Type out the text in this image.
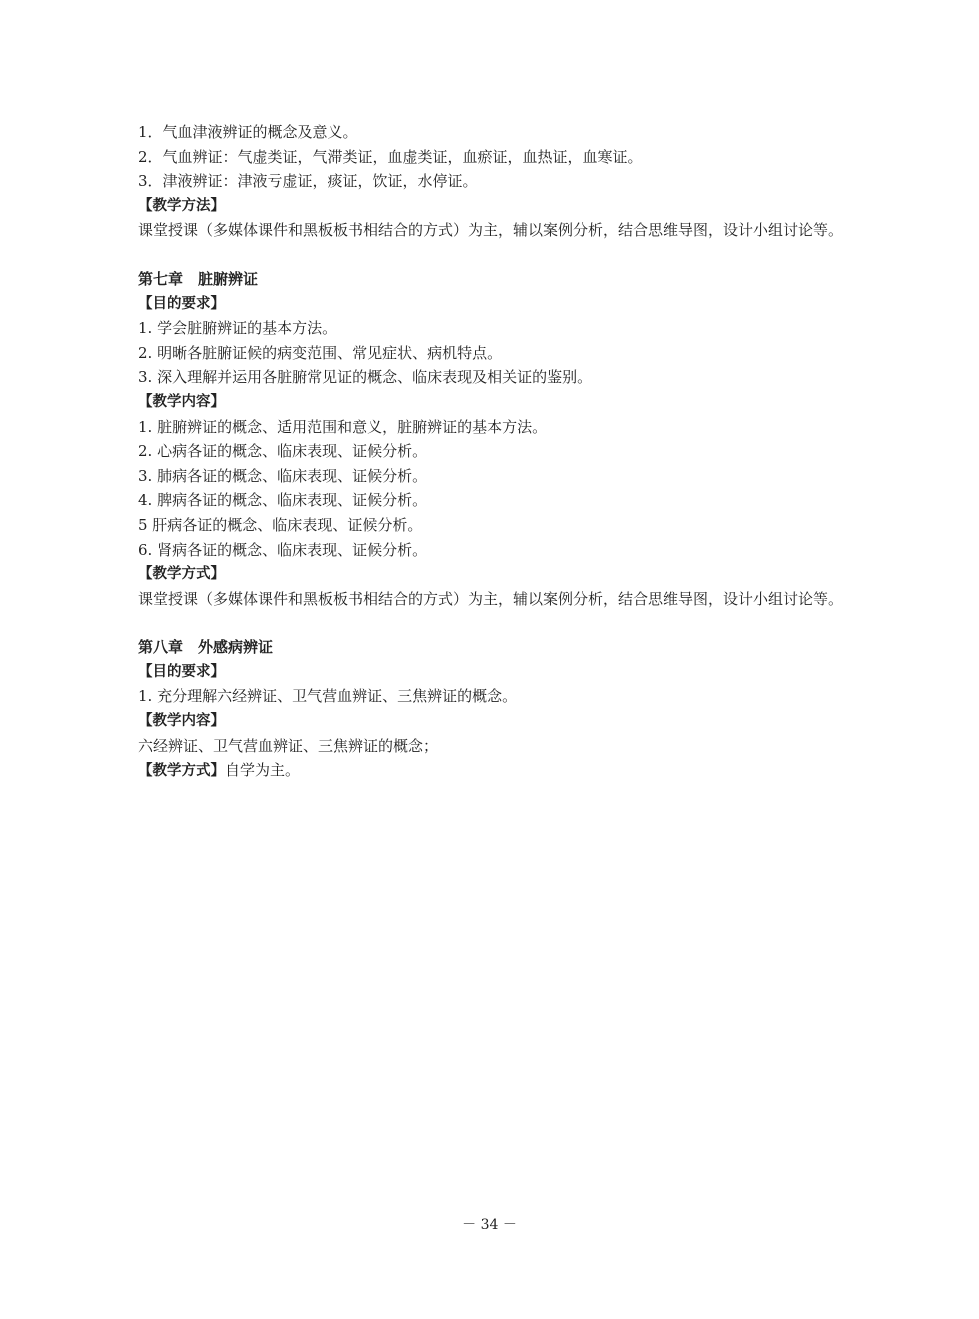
1．气血津液辨证的概念及意义。

2．气血辨证：气虚类证，气滞类证，血虚类证，血瘀证，血热证，血寒证。

3．津液辨证：津液亏虚证，痰证，饮证，水停证。

【教学方法】

课堂授课（多媒体课件和黑板板书相结合的方式）为主，辅以案例分析，结合思维导图，设计小组讨论等。

第七章　脏腑辨证

【目的要求】

1. 学会脏腑辨证的基本方法。

2. 明晰各脏腑证候的病变范围、常见症状、病机特点。

3. 深入理解并运用各脏腑常见证的概念、临床表现及相关证的鉴别。

【教学内容】

1. 脏腑辨证的概念、适用范围和意义，脏腑辨证的基本方法。

2. 心病各证的概念、临床表现、证候分析。

3. 肺病各证的概念、临床表现、证候分析。

4. 脾病各证的概念、临床表现、证候分析。

5 肝病各证的概念、临床表现、证候分析。

6. 肾病各证的概念、临床表现、证候分析。

【教学方式】

课堂授课（多媒体课件和黑板板书相结合的方式）为主，辅以案例分析，结合思维导图，设计小组讨论等。

第八章　外感病辨证

【目的要求】

1. 充分理解六经辨证、卫气营血辨证、三焦辨证的概念。

【教学内容】

六经辨证、卫气营血辨证、三焦辨证的概念；

【教学方式】自学为主。

－ 34 －
